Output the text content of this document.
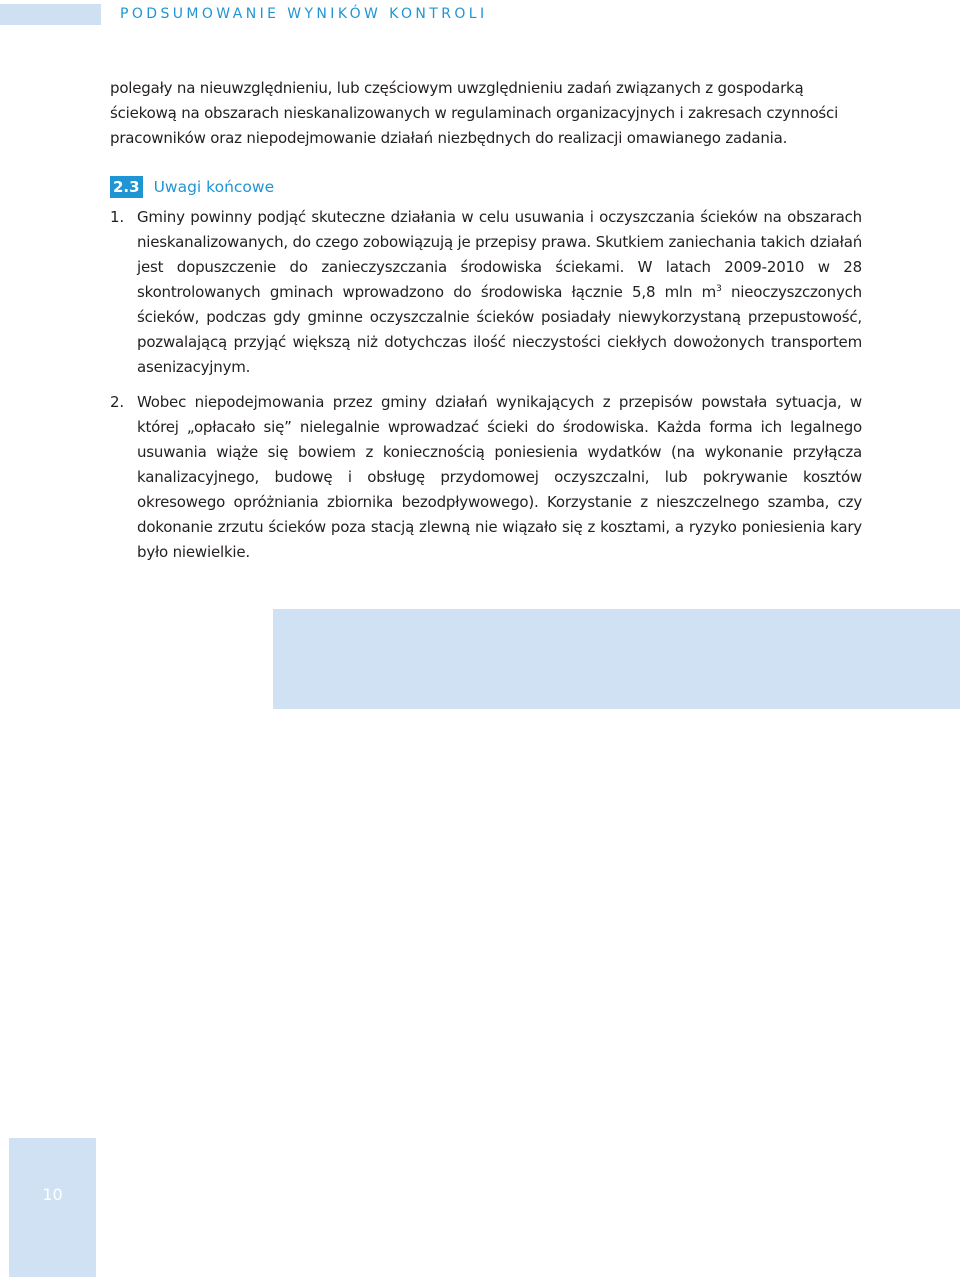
PODSUMOWANIE WYNIKÓW KONTROLI
polegały na nieuwzględnieniu, lub częściowym uwzględnieniu zadań związanych z gospodarką ściekową na obszarach nieskanalizowanych w regulaminach organizacyjnych i zakresach czynności pracowników oraz niepodejmowanie działań niezbędnych do realizacji omawianego zadania.
2.3 Uwagi końcowe
1. Gminy powinny podjąć skuteczne działania w celu usuwania i oczyszczania ścieków na obszarach nieskanalizowanych, do czego zobowiązują je przepisy prawa. Skutkiem zaniechania takich działań jest dopuszczenie do zanieczyszczania środowiska ściekami. W latach 2009-2010 w 28 skontrolowanych gminach wprowadzono do środowiska łącznie 5,8 mln $m^3$ nieoczyszczonych ścieków, podczas gdy gminne oczyszczalnie ścieków posiadały niewykorzystaną przepustowość, pozwalającą przyjąć większą niż dotychczas ilość nieczystości ciekłych dowożonych transportem asenizacyjnym.

2. Wobec niepodejmowania przez gminy działań wynikających z przepisów powstała sytuacja, w której „opłacało się” nielegalnie wprowadzać ścieki do środowiska. Każda forma ich legalnego usuwania wiąże się bowiem z koniecznością poniesienia wydatków (na wykonanie przyłącza kanalizacyjnego, budowę i obsługę przydomowej oczyszczalni, lub pokrywanie kosztów okresowego opróżniania zbiornika bezodpływowego). Korzystanie z nieszczelnego szamba, czy dokonanie zrzutu ścieków poza stacją zlewną nie wiązało się z kosztami, a ryzyko poniesienia kary było niewielkie.

10
